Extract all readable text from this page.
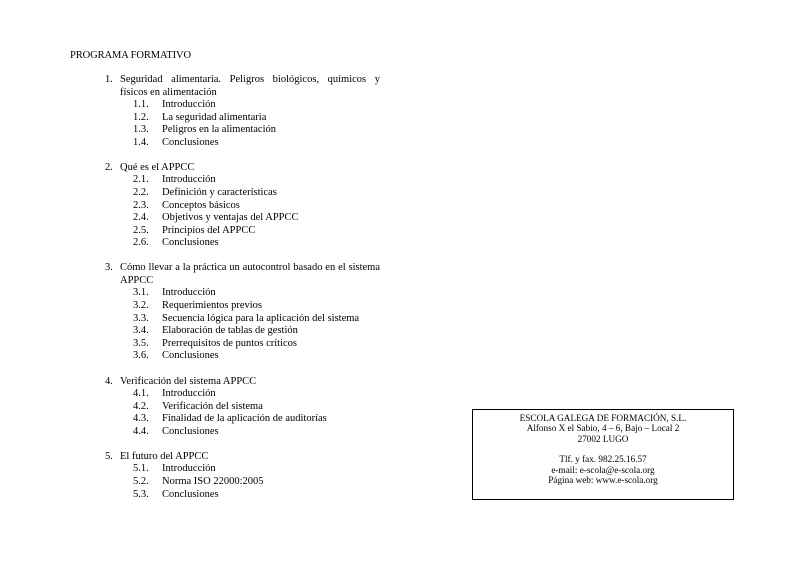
PROGRAMA FORMATIVO
1. Seguridad alimentaria. Peligros biológicos, químicos y físicos en alimentación
1.1.	Introducción
1.2.	La seguridad alimentaria
1.3.	Peligros en la alimentación
1.4.	Conclusiones
2. Qué es el APPCC
2.1.	Introducción
2.2.	Definición y características
2.3.	Conceptos básicos
2.4.	Objetivos y ventajas del APPCC
2.5.	Principios del APPCC
2.6.	Conclusiones
3. Cómo llevar a la práctica un autocontrol basado en el sistema APPCC
3.1.	Introducción
3.2.	Requerimientos previos
3.3.	Secuencia lógica para la aplicación del sistema
3.4.	Elaboración de tablas de gestión
3.5.	Prerrequisitos de puntos críticos
3.6.	Conclusiones
4. Verificación del sistema APPCC
4.1.	Introducción
4.2.	Verificación del sistema
4.3.	Finalidad de la aplicación de auditorías
4.4.	Conclusiones
5. El futuro del APPCC
5.1.	Introducción
5.2.	Norma ISO 22000:2005
5.3.	Conclusiones
ESCOLA GALEGA DE FORMACIÓN, S.L.
Alfonso X el Sabio, 4 – 6, Bajo – Local 2
27002 LUGO
Tlf. y fax. 982.25.16.57
e-mail: e-scola@e-scola.org
Página web: www.e-scola.org
